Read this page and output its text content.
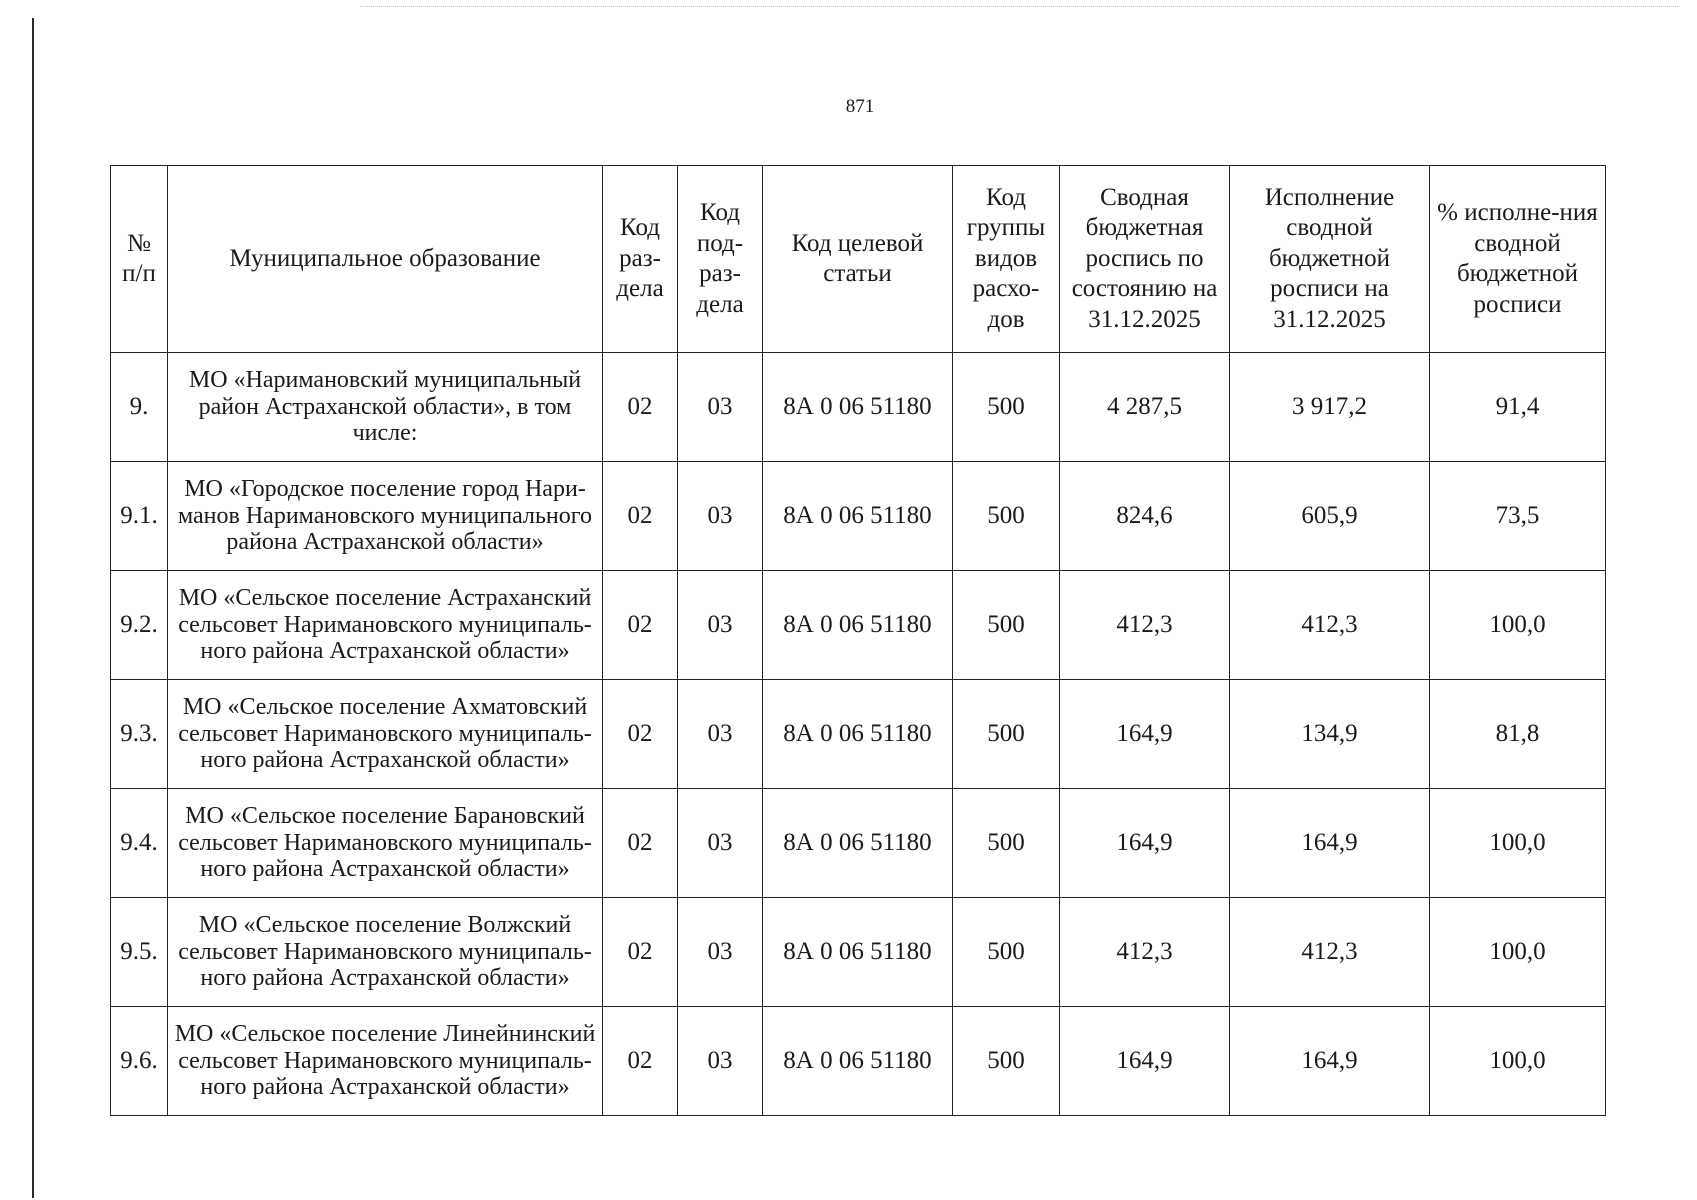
871
№ п/п	Муниципальное образование	Код раз-дела	Код под-раз-дела	Код целевой статьи	Код группы видов расхо-дов	Сводная бюджетная роспись по состоянию на 31.12.2025	Исполнение сводной бюджетной росписи на 31.12.2025	% исполне-ния сводной бюджетной росписи
9.	МО «Наримановский муниципальный район Астраханской области», в том числе:	02	03	8А 0 06 51180	500	4 287,5	3 917,2	91,4
9.1.	МО «Городское поселение город Нари-манов Наримановского муниципального района Астраханской области»	02	03	8А 0 06 51180	500	824,6	605,9	73,5
9.2.	МО «Сельское поселение Астраханский сельсовет Наримановского муниципаль-ного района Астраханской области»	02	03	8А 0 06 51180	500	412,3	412,3	100,0
9.3.	МО «Сельское поселение Ахматовский сельсовет Наримановского муниципаль-ного района Астраханской области»	02	03	8А 0 06 51180	500	164,9	134,9	81,8
9.4.	МО «Сельское поселение Барановский сельсовет Наримановского муниципаль-ного района Астраханской области»	02	03	8А 0 06 51180	500	164,9	164,9	100,0
9.5.	МО «Сельское поселение Волжский сельсовет Наримановского муниципаль-ного района Астраханской области»	02	03	8А 0 06 51180	500	412,3	412,3	100,0
9.6.	МО «Сельское поселение Линейнинский сельсовет Наримановского муниципаль-ного района Астраханской области»	02	03	8А 0 06 51180	500	164,9	164,9	100,0
